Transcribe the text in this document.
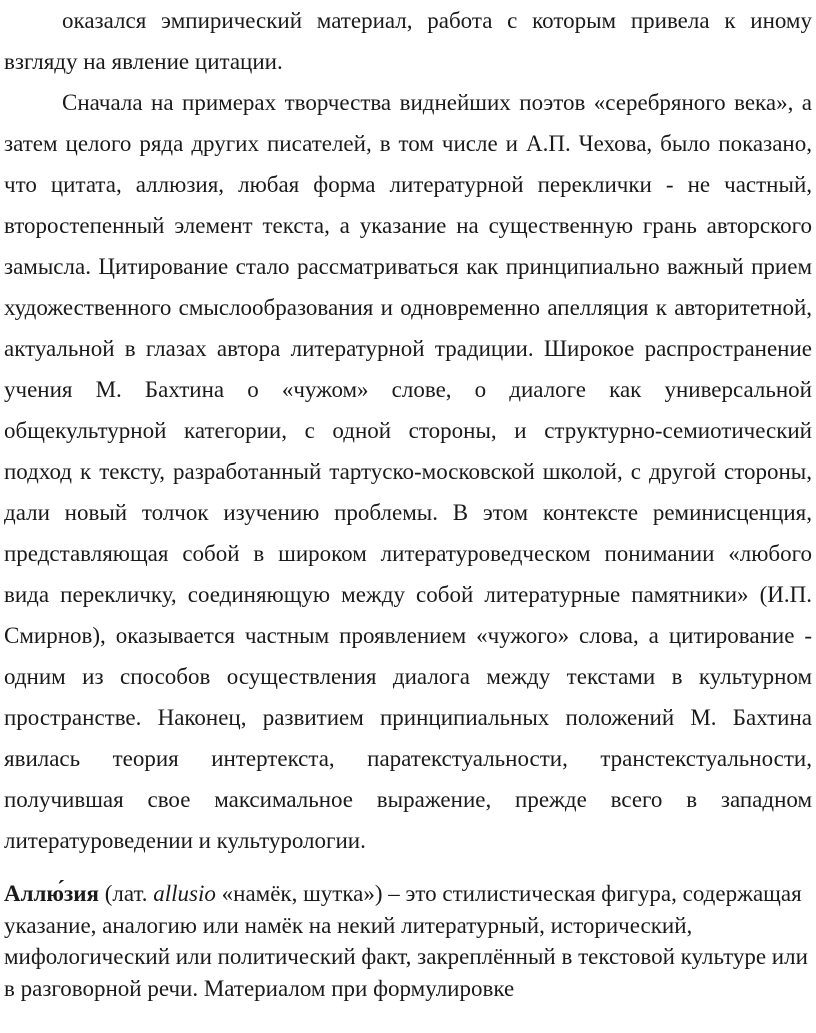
оказался эмпирический материал, работа с которым привела к иному взгляду на явление цитации.

Сначала на примерах творчества виднейших поэтов «серебряного века», а затем целого ряда других писателей, в том числе и А.П. Чехова, было показано, что цитата, аллюзия, любая форма литературной переклички - не частный, второстепенный элемент текста, а указание на существенную грань авторского замысла. Цитирование стало рассматриваться как принципиально важный прием художественного смыслообразования и одновременно апелляция к авторитетной, актуальной в глазах автора литературной традиции. Широкое распространение учения М. Бахтина о «чужом» слове, о диалоге как универсальной общекультурной категории, с одной стороны, и структурно-семиотический подход к тексту, разработанный тартуско-московской школой, с другой стороны, дали новый толчок изучению проблемы. В этом контексте реминисценция, представляющая собой в широком литературоведческом понимании «любого вида перекличку, соединяющую между собой литературные памятники» (И.П. Смирнов), оказывается частным проявлением «чужого» слова, а цитирование - одним из способов осуществления диалога между текстами в культурном пространстве. Наконец, развитием принципиальных положений М. Бахтина явилась теория интертекста, паратекстуальности, транстекстуальности, получившая свое максимальное выражение, прежде всего в западном литературоведении и культурологии.

Аллю́зия (лат. allusio «намёк, шутка») – это стилистическая фигура, содержащая указание, аналогию или намёк на некий литературный, исторический, мифологический или политический факт, закреплённый в текстовой культуре или в разговорной речи. Материалом при формулировке
